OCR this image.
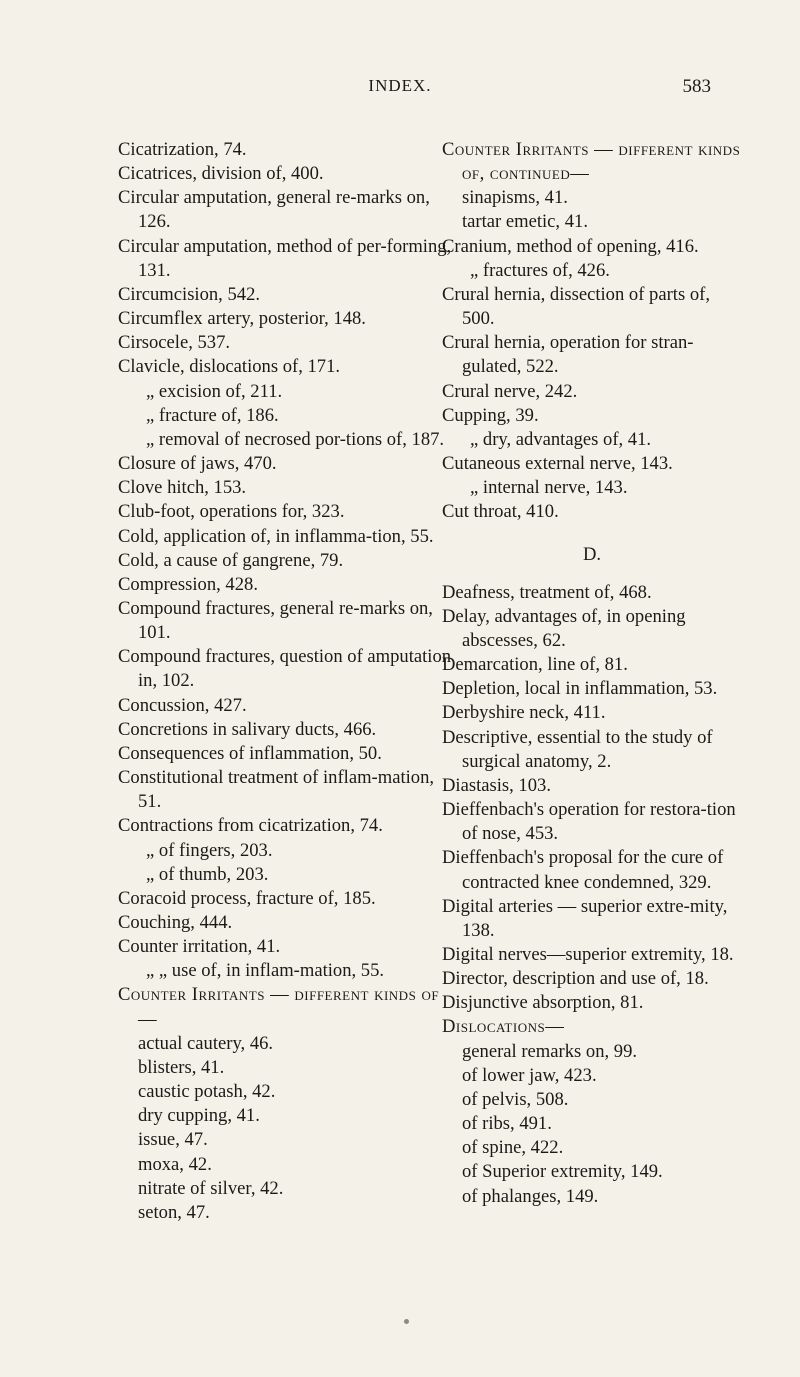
INDEX.	583
Cicatrization, 74.
Cicatrices, division of, 400.
Circular amputation, general re-marks on, 126.
Circular amputation, method of per-forming, 131.
Circumcision, 542.
Circumflex artery, posterior, 148.
Cirsocele, 537.
Clavicle, dislocations of, 171.
„ excision of, 211.
„ fracture of, 186.
„ removal of necrosed por-tions of, 187.
Closure of jaws, 470.
Clove hitch, 153.
Club-foot, operations for, 323.
Cold, application of, in inflamma-tion, 55.
Cold, a cause of gangrene, 79.
Compression, 428.
Compound fractures, general re-marks on, 101.
Compound fractures, question of amputation in, 102.
Concussion, 427.
Concretions in salivary ducts, 466.
Consequences of inflammation, 50.
Constitutional treatment of inflam-mation, 51.
Contractions from cicatrization, 74.
„ of fingers, 203.
„ of thumb, 203.
Coracoid process, fracture of, 185.
Couching, 444.
Counter irritation, 41.
„ „ use of, in inflam-mation, 55.
Counter Irritants — different kinds of—
actual cautery, 46.
blisters, 41.
caustic potash, 42.
dry cupping, 41.
issue, 47.
moxa, 42.
nitrate of silver, 42.
seton, 47.
Counter Irritants — different kinds of, continued—
sinapisms, 41.
tartar emetic, 41.
Cranium, method of opening, 416.
„ fractures of, 426.
Crural hernia, dissection of parts of, 500.
Crural hernia, operation for stran-gulated, 522.
Crural nerve, 242.
Cupping, 39.
„ dry, advantages of, 41.
Cutaneous external nerve, 143.
„ internal nerve, 143.
Cut throat, 410.
D.
Deafness, treatment of, 468.
Delay, advantages of, in opening abscesses, 62.
Demarcation, line of, 81.
Depletion, local in inflammation, 53.
Derbyshire neck, 411.
Descriptive, essential to the study of surgical anatomy, 2.
Diastasis, 103.
Dieffenbach's operation for restora-tion of nose, 453.
Dieffenbach's proposal for the cure of contracted knee condemned, 329.
Digital arteries — superior extre-mity, 138.
Digital nerves—superior extremity, 18.
Director, description and use of, 18.
Disjunctive absorption, 81.
Dislocations—
general remarks on, 99.
of lower jaw, 423.
of pelvis, 508.
of ribs, 491.
of spine, 422.
of Superior extremity, 149.
of phalanges, 149.
